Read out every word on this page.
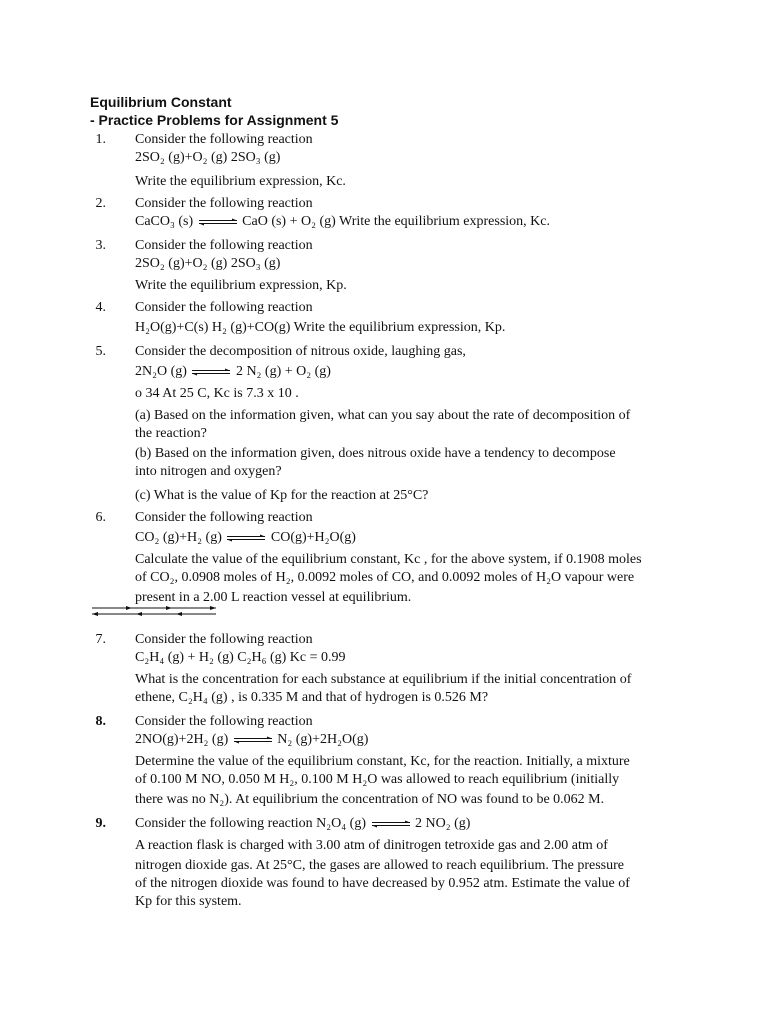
Equilibrium Constant
- Practice Problems for Assignment 5
1. Consider the following reaction
2SO₂ (g)+O₂ (g) 2SO₃ (g)
Write the equilibrium expression, Kc.
2. Consider the following reaction
CaCO₃ (s) ⇌ CaO (s) + O₂ (g) Write the equilibrium expression, Kc.
3. Consider the following reaction
2SO₂ (g)+O₂ (g) 2SO₃ (g)
Write the equilibrium expression, Kp.
4. Consider the following reaction
H₂O(g)+C(s) H₂ (g)+CO(g) Write the equilibrium expression, Kp.
5. Consider the decomposition of nitrous oxide, laughing gas,
2N₂O (g) ⇌ 2 N₂ (g) + O₂ (g)
o 34 At 25 C, Kc is 7.3 x 10 .
(a) Based on the information given, what can you say about the rate of decomposition of
the reaction?
(b) Based on the information given, does nitrous oxide have a tendency to decompose
into nitrogen and oxygen?
(c) What is the value of Kp for the reaction at 25°C?
6. Consider the following reaction
CO₂ (g)+H₂ (g) ⇌ CO(g)+H₂O(g)
Calculate the value of the equilibrium constant, Kc , for the above system, if 0.1908 moles
of CO₂, 0.0908 moles of H₂, 0.0092 moles of CO, and 0.0092 moles of H₂O vapour were
present in a 2.00 L reaction vessel at equilibrium.
7. Consider the following reaction
C₂H₄ (g) + H₂ (g) C₂H₆ (g) Kc = 0.99
What is the concentration for each substance at equilibrium if the initial concentration of
ethene, C₂H₄ (g) , is 0.335 M and that of hydrogen is 0.526 M?
8. Consider the following reaction
2NO(g)+2H₂ (g) ⇌ N₂ (g)+2H₂O(g)
Determine the value of the equilibrium constant, Kc, for the reaction. Initially, a mixture
of 0.100 M NO, 0.050 M H₂, 0.100 M H₂O was allowed to reach equilibrium (initially
there was no N₂). At equilibrium the concentration of NO was found to be 0.062 M.
9. Consider the following reaction N₂O₄ (g) ⇌ 2 NO₂ (g)
A reaction flask is charged with 3.00 atm of dinitrogen tetroxide gas and 2.00 atm of
nitrogen dioxide gas. At 25°C, the gases are allowed to reach equilibrium. The pressure
of the nitrogen dioxide was found to have decreased by 0.952 atm. Estimate the value of
Kp for this system.
